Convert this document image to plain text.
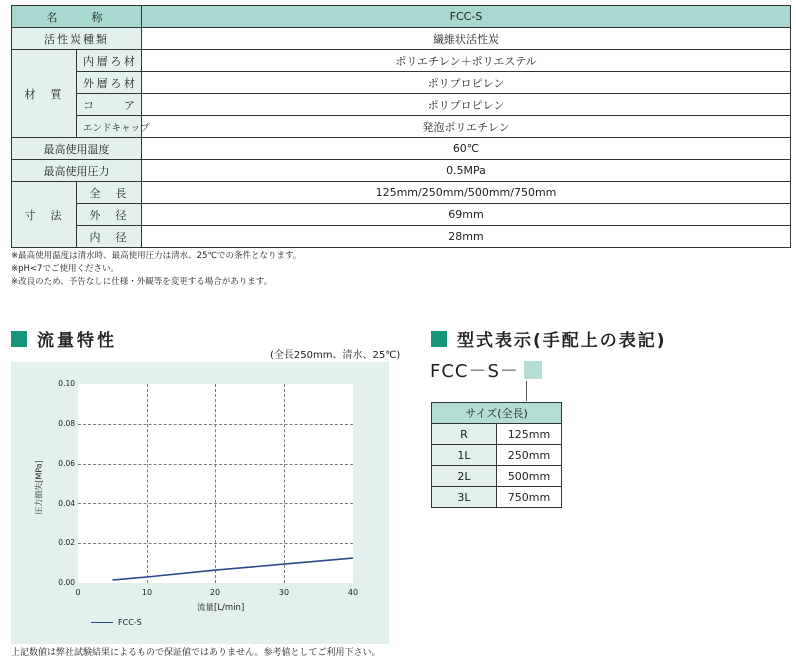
名　　称		FCC-S
活性炭種類		繊維状活性炭
材　質	内層ろ材	ポリエチレン＋ポリエステル
	外層ろ材	ポリプロピレン
	コ　ア	ポリプロピレン
	エンドキャップ	発泡ポリエチレン
最高使用温度		60℃
最高使用圧力		0.5MPa
寸　法	全　長	125mm/250mm/500mm/750mm
	外　径	69mm
	内　径	28mm
※最高使用温度は清水時、最高使用圧力は清水、25℃での条件となります。
※pH<7でご使用ください。
※改良のため、予告なしに仕様・外観等を変更する場合があります。
流量特性
(全長250mm、清水、25℃)
0.10
0.08
0.06
0.04
0.02
0.00
圧力損失[MPa]
0	10	20	30	40
流量[L/min]
FCC-S
上記数値は弊社試験結果によるもので保証値ではありません。参考値としてご利用下さい。
型式表示(手配上の表記)
FCC－S－
サイズ(全長)	
R	125mm
1L	250mm
2L	500mm
3L	750mm
